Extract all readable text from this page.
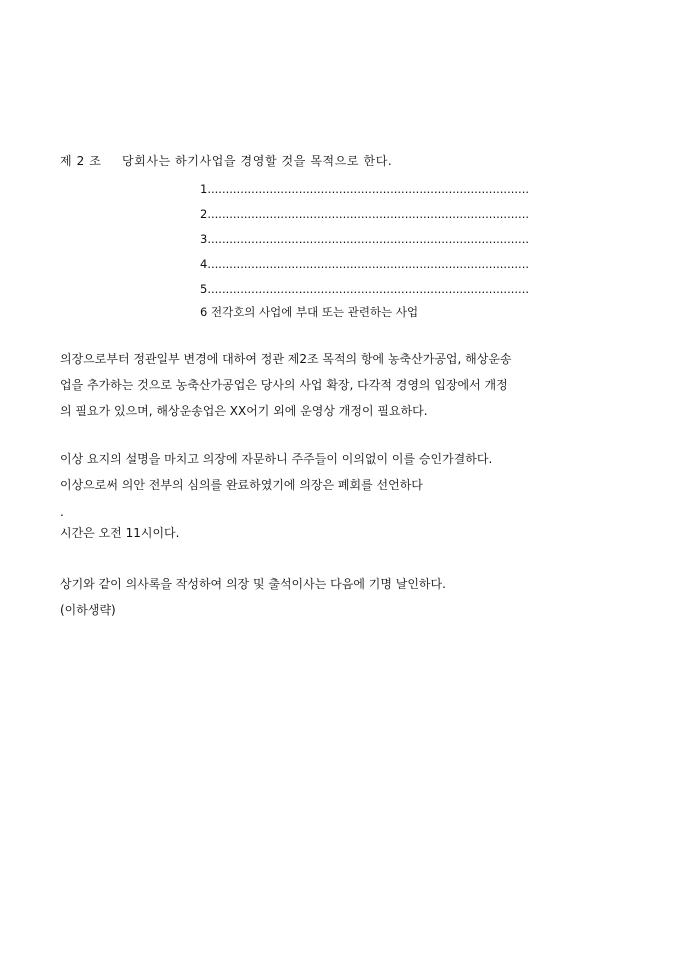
제 2 조 당회사는 하기사업을 경영할 것을 목적으로 한다.
1........................................................................................
2........................................................................................
3........................................................................................
4........................................................................................
5........................................................................................
6 전각호의 사업에 부대 또는 관련하는 사업

의장으로부터 정관일부 변경에 대하여 정관 제2조 목적의 항에 농축산가공업, 해상운송

업을 추가하는 것으로 농축산가공업은 당사의 사업 확장, 다각적 경영의 입장에서 개정

의 필요가 있으며, 해상운송업은 XX어기 외에 운영상 개정이 필요하다.

이상 요지의 설명을 마치고 의장에 자문하니 주주들이 이의없이 이를 승인가결하다.

이상으로써 의안 전부의 심의를 완료하였기에 의장은 폐회를 선언하다

.

시간은 오전 11시이다.

상기와 같이 의사록을 작성하여 의장 및 출석이사는 다음에 기명 날인하다.

(이하생략)
